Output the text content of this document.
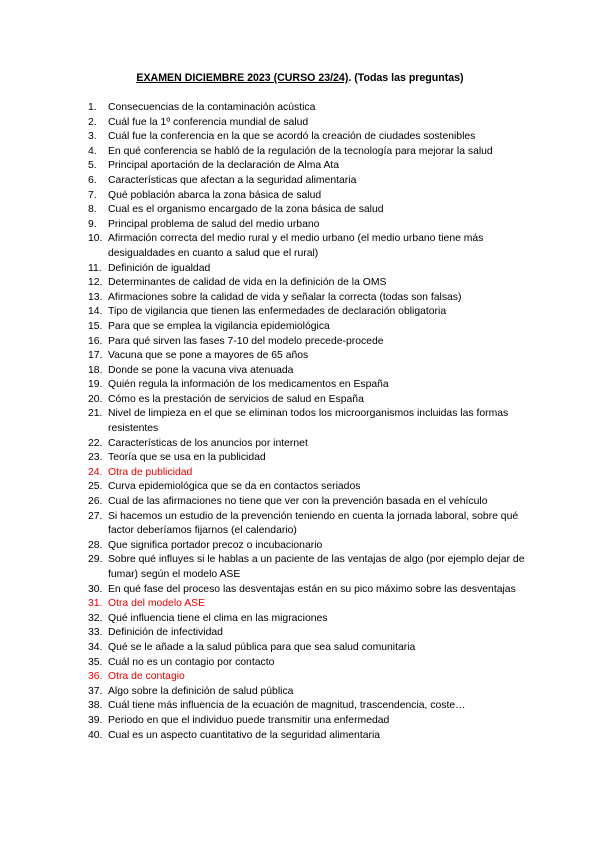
EXAMEN DICIEMBRE 2023 (CURSO 23/24). (Todas las preguntas)
1.	Consecuencias de la contaminación acústica
2.	Cuál fue la 1º conferencia mundial de salud
3.	Cuál fue la conferencia en la que se acordó la creación de ciudades sostenibles
4.	En qué conferencia se habló de la regulación de la tecnología para mejorar la salud
5.	Principal aportación de la declaración de Alma Ata
6.	Características que afectan a la seguridad alimentaria
7.	Qué población abarca la zona básica de salud
8.	Cual es el organismo encargado de la zona básica de salud
9.	Principal problema de salud del medio urbano
10. Afirmación correcta del medio rural y el medio urbano (el medio urbano tiene más desigualdades en cuanto a salud que el rural)
11. Definición de igualdad
12. Determinantes de calidad de vida en la definición de la OMS
13. Afirmaciones sobre la calidad de vida y señalar la correcta (todas son falsas)
14. Tipo de vigilancia que tienen las enfermedades de declaración obligatoria
15. Para que se emplea la vigilancia epidemiológica
16. Para qué sirven las fases 7-10 del modelo precede-procede
17. Vacuna que se pone a mayores de 65 años
18. Donde se pone la vacuna viva atenuada
19. Quién regula la información de los medicamentos en España
20. Cómo es la prestación de servicios de salud en España
21. Nivel de limpieza en el que se eliminan todos los microorganismos incluidas las formas resistentes
22. Características de los anuncios por internet
23. Teoría que se usa en la publicidad
24. Otra de publicidad
25. Curva epidemiológica que se da en contactos seriados
26. Cual de las afirmaciones no tiene que ver con la prevención basada en el vehículo
27. Si hacemos un estudio de la prevención teniendo en cuenta la jornada laboral, sobre qué factor deberíamos fijarnos (el calendario)
28. Que significa portador precoz o incubacionario
29. Sobre qué influyes si le hablas a un paciente de las ventajas de algo (por ejemplo dejar de fumar) según el modelo ASE
30. En qué fase del proceso las desventajas están en su pico máximo sobre las desventajas
31. Otra del modelo ASE
32. Qué influencia tiene el clima en las migraciones
33. Definición de infectividad
34. Qué se le añade a la salud pública para que sea salud comunitaria
35. Cuál no es un contagio por contacto
36. Otra de contagio
37. Algo sobre la definición de salud pública
38. Cuál tiene más influencia de la ecuación de magnitud, trascendencia, coste…
39. Periodo en que el individuo puede transmitir una enfermedad
40. Cual es un aspecto cuantitativo de la seguridad alimentaria
